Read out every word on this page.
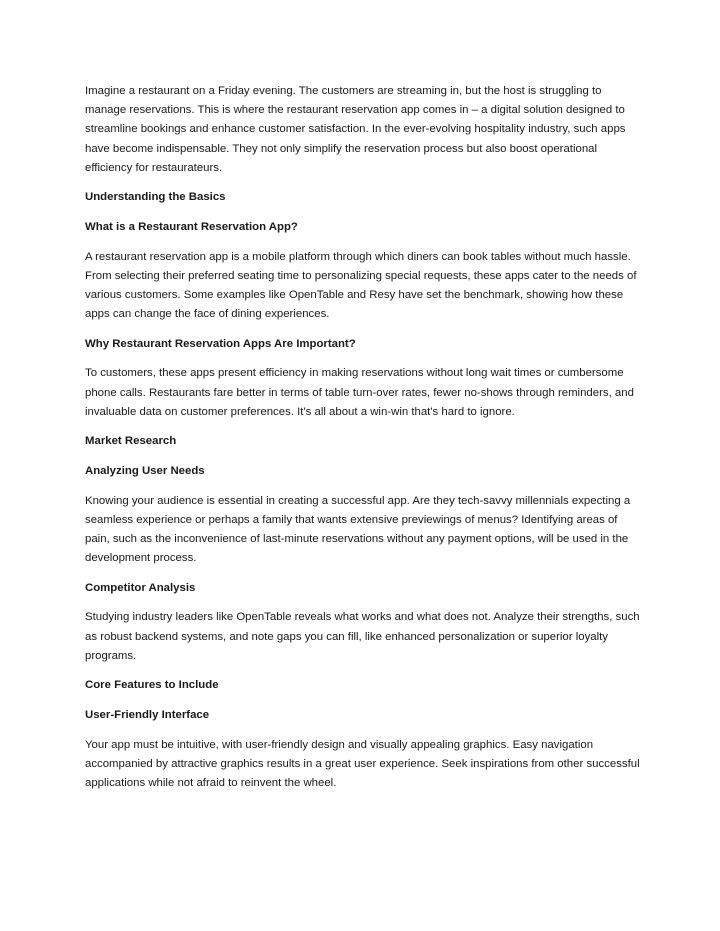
Imagine a restaurant on a Friday evening. The customers are streaming in, but the host is struggling to manage reservations. This is where the restaurant reservation app comes in – a digital solution designed to streamline bookings and enhance customer satisfaction. In the ever-evolving hospitality industry, such apps have become indispensable. They not only simplify the reservation process but also boost operational efficiency for restaurateurs.

Understanding the Basics

What is a Restaurant Reservation App?

A restaurant reservation app is a mobile platform through which diners can book tables without much hassle. From selecting their preferred seating time to personalizing special requests, these apps cater to the needs of various customers. Some examples like OpenTable and Resy have set the benchmark, showing how these apps can change the face of dining experiences.

Why Restaurant Reservation Apps Are Important?

To customers, these apps present efficiency in making reservations without long wait times or cumbersome phone calls. Restaurants fare better in terms of table turn-over rates, fewer no-shows through reminders, and invaluable data on customer preferences. It's all about a win-win that's hard to ignore.

Market Research

Analyzing User Needs

Knowing your audience is essential in creating a successful app. Are they tech-savvy millennials expecting a seamless experience or perhaps a family that wants extensive previewings of menus? Identifying areas of pain, such as the inconvenience of last-minute reservations without any payment options, will be used in the development process.

Competitor Analysis

Studying industry leaders like OpenTable reveals what works and what does not. Analyze their strengths, such as robust backend systems, and note gaps you can fill, like enhanced personalization or superior loyalty programs.

Core Features to Include

User-Friendly Interface

Your app must be intuitive, with user-friendly design and visually appealing graphics. Easy navigation accompanied by attractive graphics results in a great user experience. Seek inspirations from other successful applications while not afraid to reinvent the wheel.
